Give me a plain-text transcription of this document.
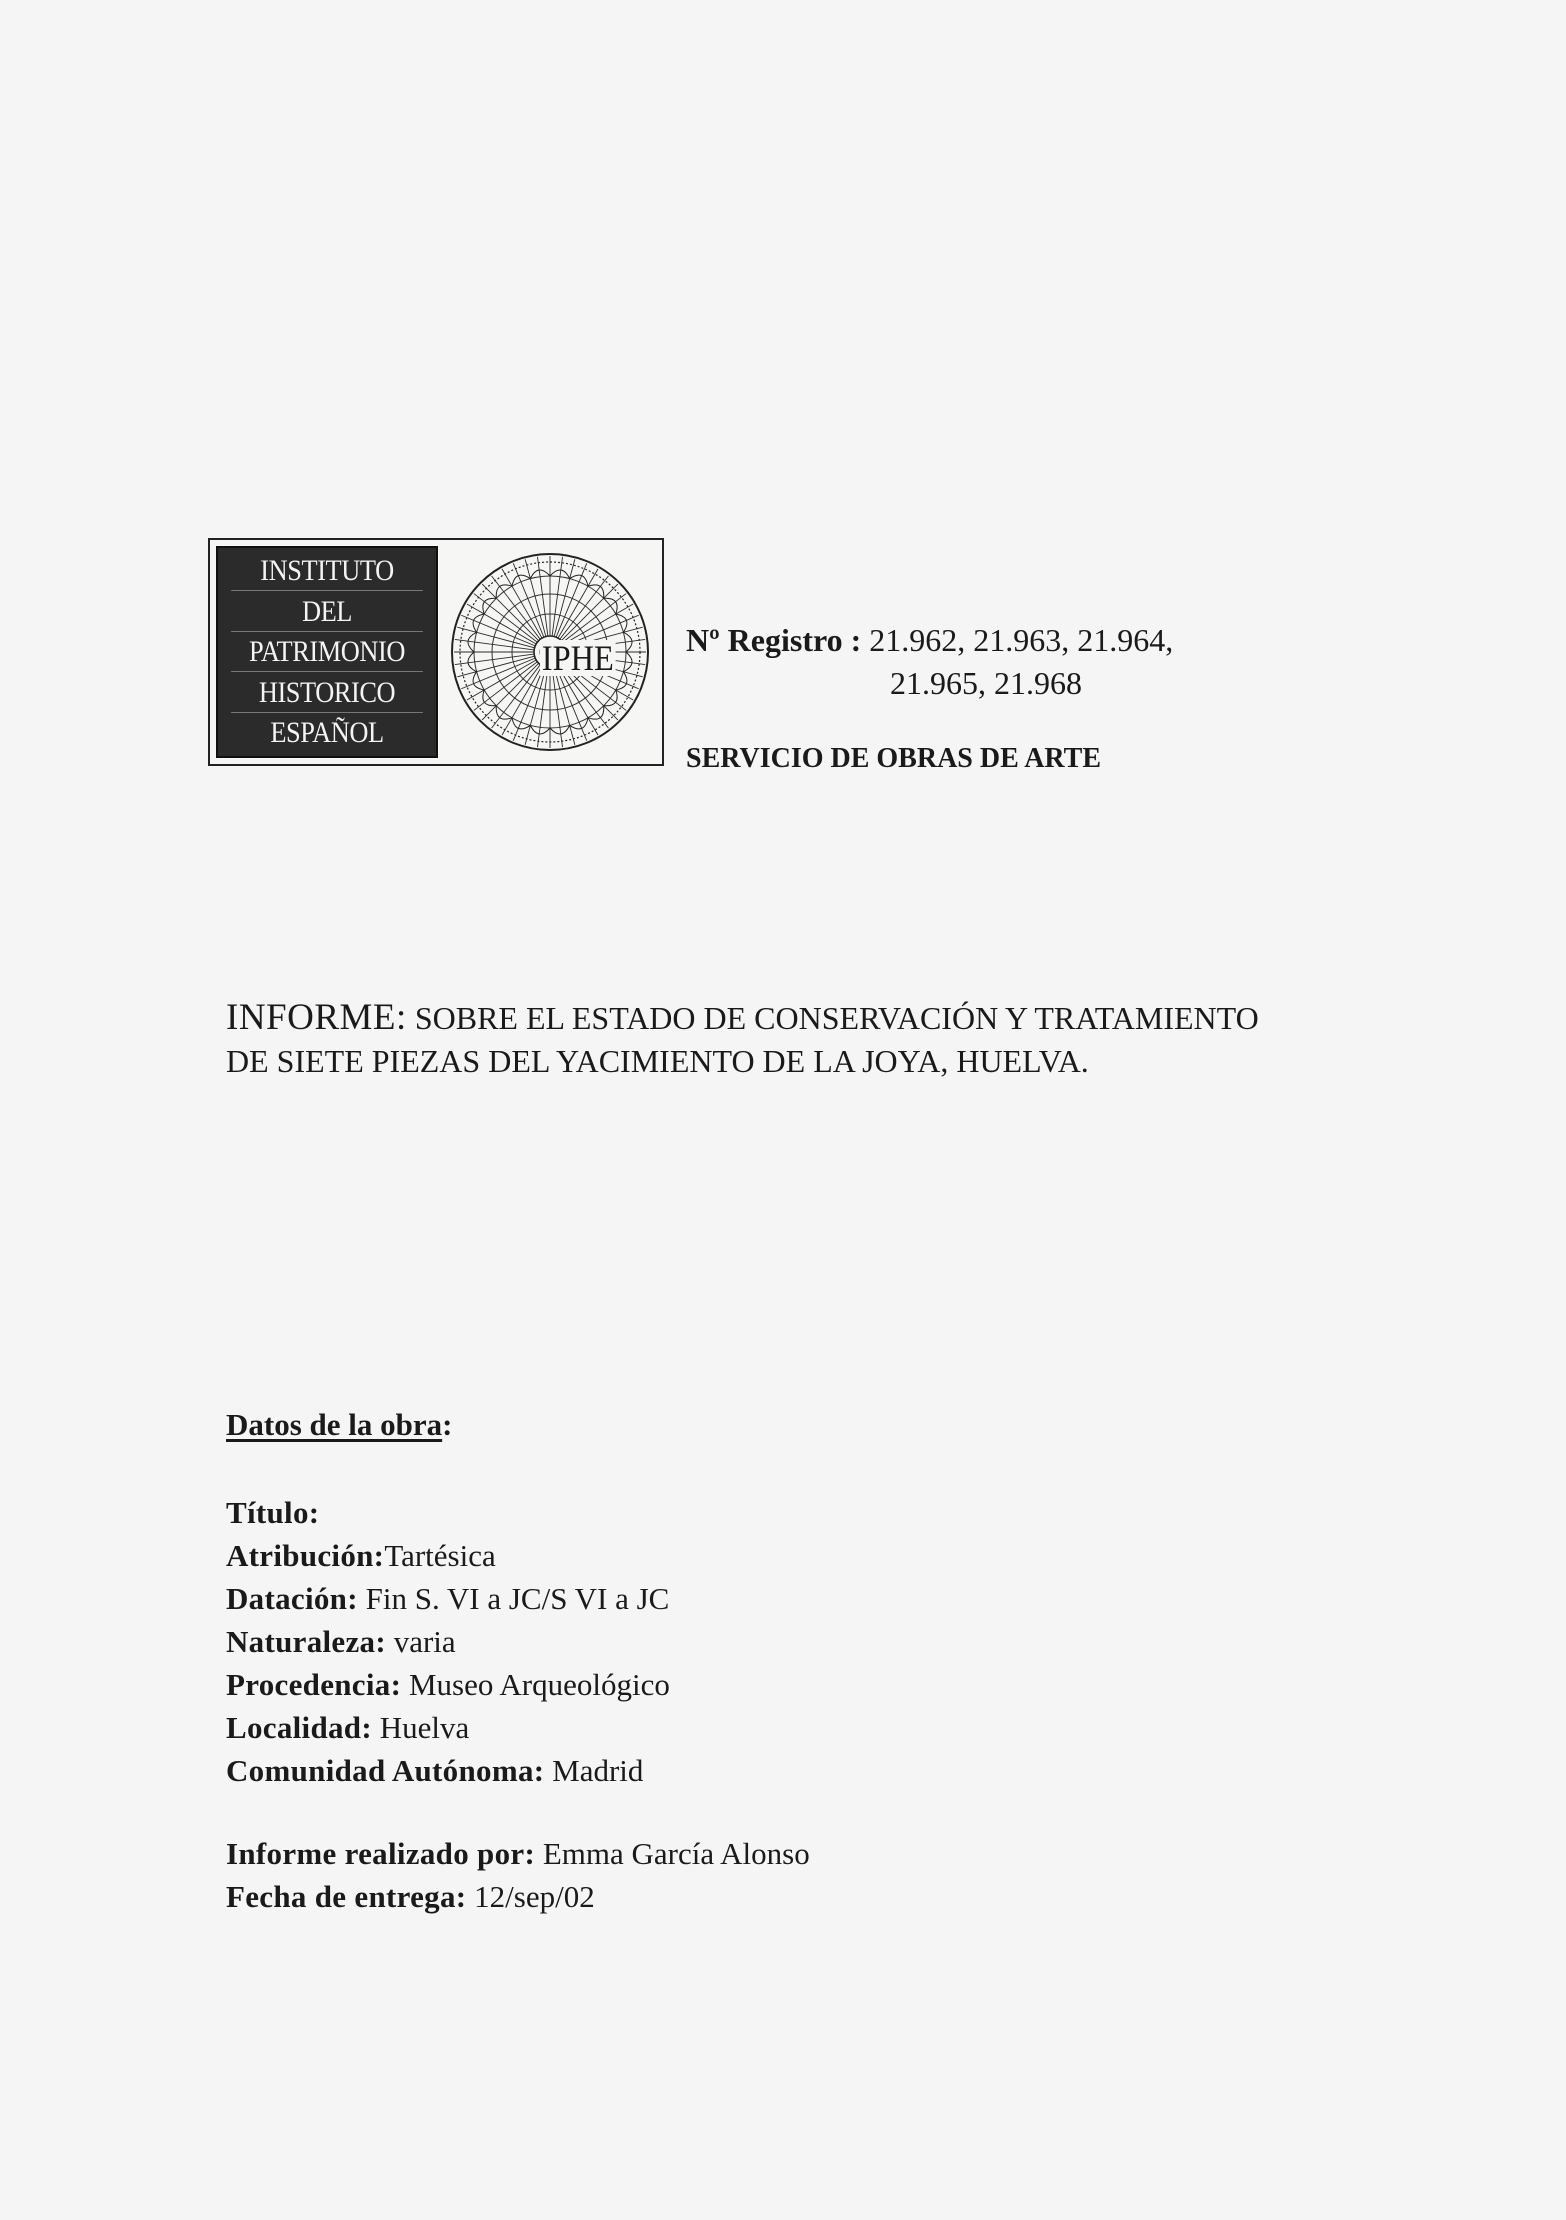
INSTITUTO
DEL
PATRIMONIO
HISTORICO
ESPAÑOL
IPHE Nº Registro : 21.962, 21.963, 21.964,
21.965, 21.968
SERVICIO DE OBRAS DE ARTE
INFORME: SOBRE EL ESTADO DE CONSERVACIÓN Y TRATAMIENTO DE SIETE PIEZAS DEL YACIMIENTO DE LA JOYA, HUELVA.
Datos de la obra:
Título:
Atribución:Tartésica
Datación: Fin S. VI a JC/S VI a JC
Naturaleza: varia
Procedencia: Museo Arqueológico
Localidad: Huelva
Comunidad Autónoma: Madrid
Informe realizado por: Emma García Alonso
Fecha de entrega: 12/sep/02
